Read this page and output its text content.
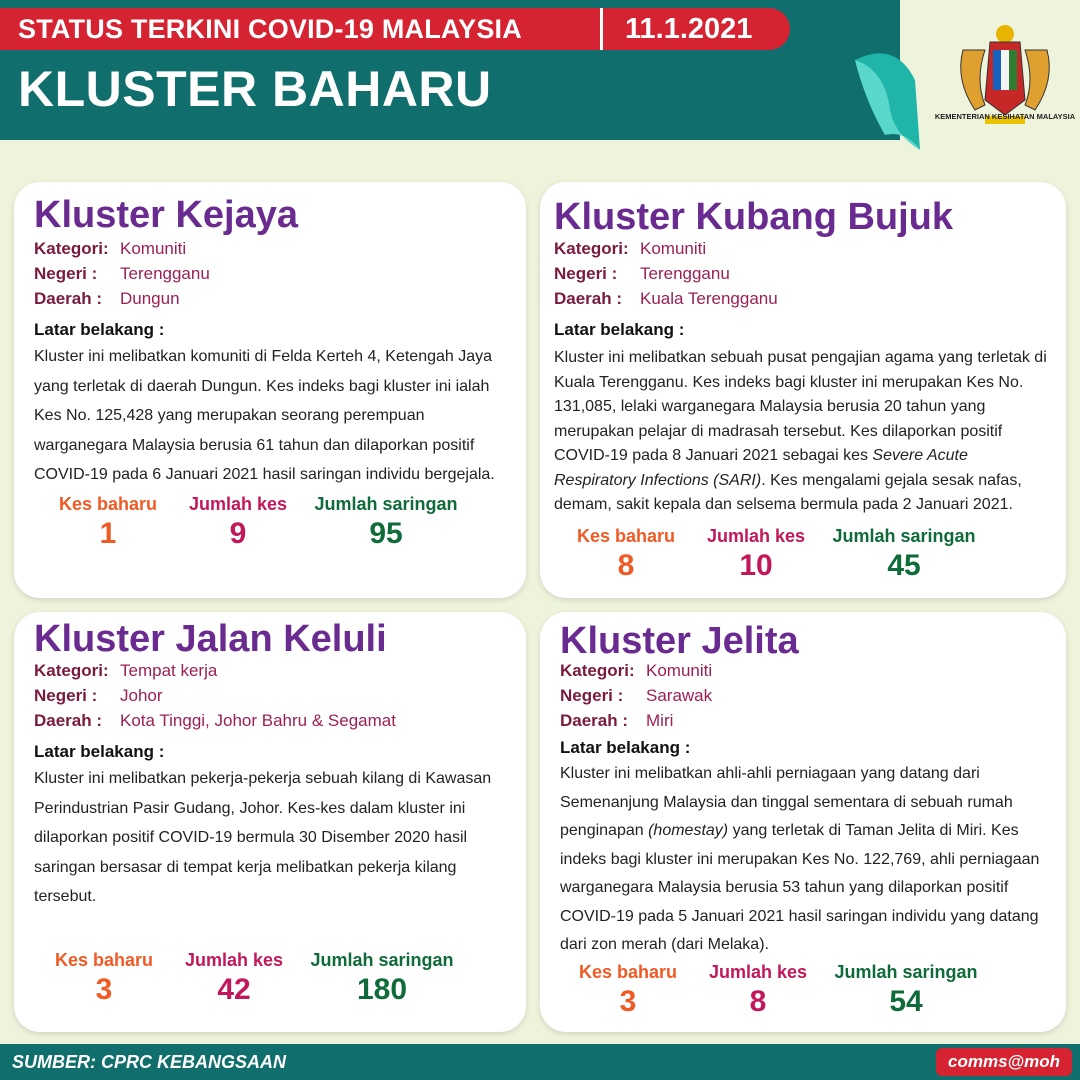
STATUS TERKINI COVID-19 MALAYSIA	11.1.2021
KLUSTER BAHARU	KEMENTERIAN KESIHATAN MALAYSIA
Kluster Kejaya
Kategori: Komuniti
Negeri :	Terengganu
Daerah :	Dungun
Latar belakang :
Kluster ini melibatkan komuniti di Felda Kerteh 4, Ketengah Jaya yang terletak di daerah Dungun. Kes indeks bagi kluster ini ialah Kes No. 125,428 yang merupakan seorang perempuan warganegara Malaysia berusia 61 tahun dan dilaporkan positif COVID-19 pada 6 Januari 2021 hasil saringan individu bergejala.
Kes baharu
1
Jumlah kes
9
Jumlah saringan
95
Kluster Kubang Bujuk
Kategori: Komuniti
Negeri :	Terengganu
Daerah :	Kuala Terengganu
Latar belakang :
Kluster ini melibatkan sebuah pusat pengajian agama yang terletak di Kuala Terengganu. Kes indeks bagi kluster ini merupakan Kes No. 131,085, lelaki warganegara Malaysia berusia 20 tahun yang merupakan pelajar di madrasah tersebut. Kes dilaporkan positif COVID-19 pada 8 Januari 2021 sebagai kes Severe Acute Respiratory Infections (SARI). Kes mengalami gejala sesak nafas, demam, sakit kepala dan selsema bermula pada 2 Januari 2021.
Kes baharu
8
Jumlah kes
10
Jumlah saringan
45
Kluster Jalan Keluli
Kategori: Tempat kerja
Negeri :	Johor
Daerah :	Kota Tinggi, Johor Bahru & Segamat
Latar belakang :
Kluster ini melibatkan pekerja-pekerja sebuah kilang di Kawasan Perindustrian Pasir Gudang, Johor. Kes-kes dalam kluster ini dilaporkan positif COVID-19 bermula 30 Disember 2020 hasil saringan bersasar di tempat kerja melibatkan pekerja kilang tersebut.
Kes baharu
3
Jumlah kes
42
Jumlah saringan
180
Kluster Jelita
Kategori: Komuniti
Negeri :	Sarawak
Daerah :	Miri
Latar belakang :
Kluster ini melibatkan ahli-ahli perniagaan yang datang dari Semenanjung Malaysia dan tinggal sementara di sebuah rumah penginapan (homestay) yang terletak di Taman Jelita di Miri. Kes indeks bagi kluster ini merupakan Kes No. 122,769, ahli perniagaan warganegara Malaysia berusia 53 tahun yang dilaporkan positif COVID-19 pada 5 Januari 2021 hasil saringan individu yang datang dari zon merah (dari Melaka).
Kes baharu
3
Jumlah kes
8
Jumlah saringan
54
SUMBER: CPRC KEBANGSAAN	comms@moh
